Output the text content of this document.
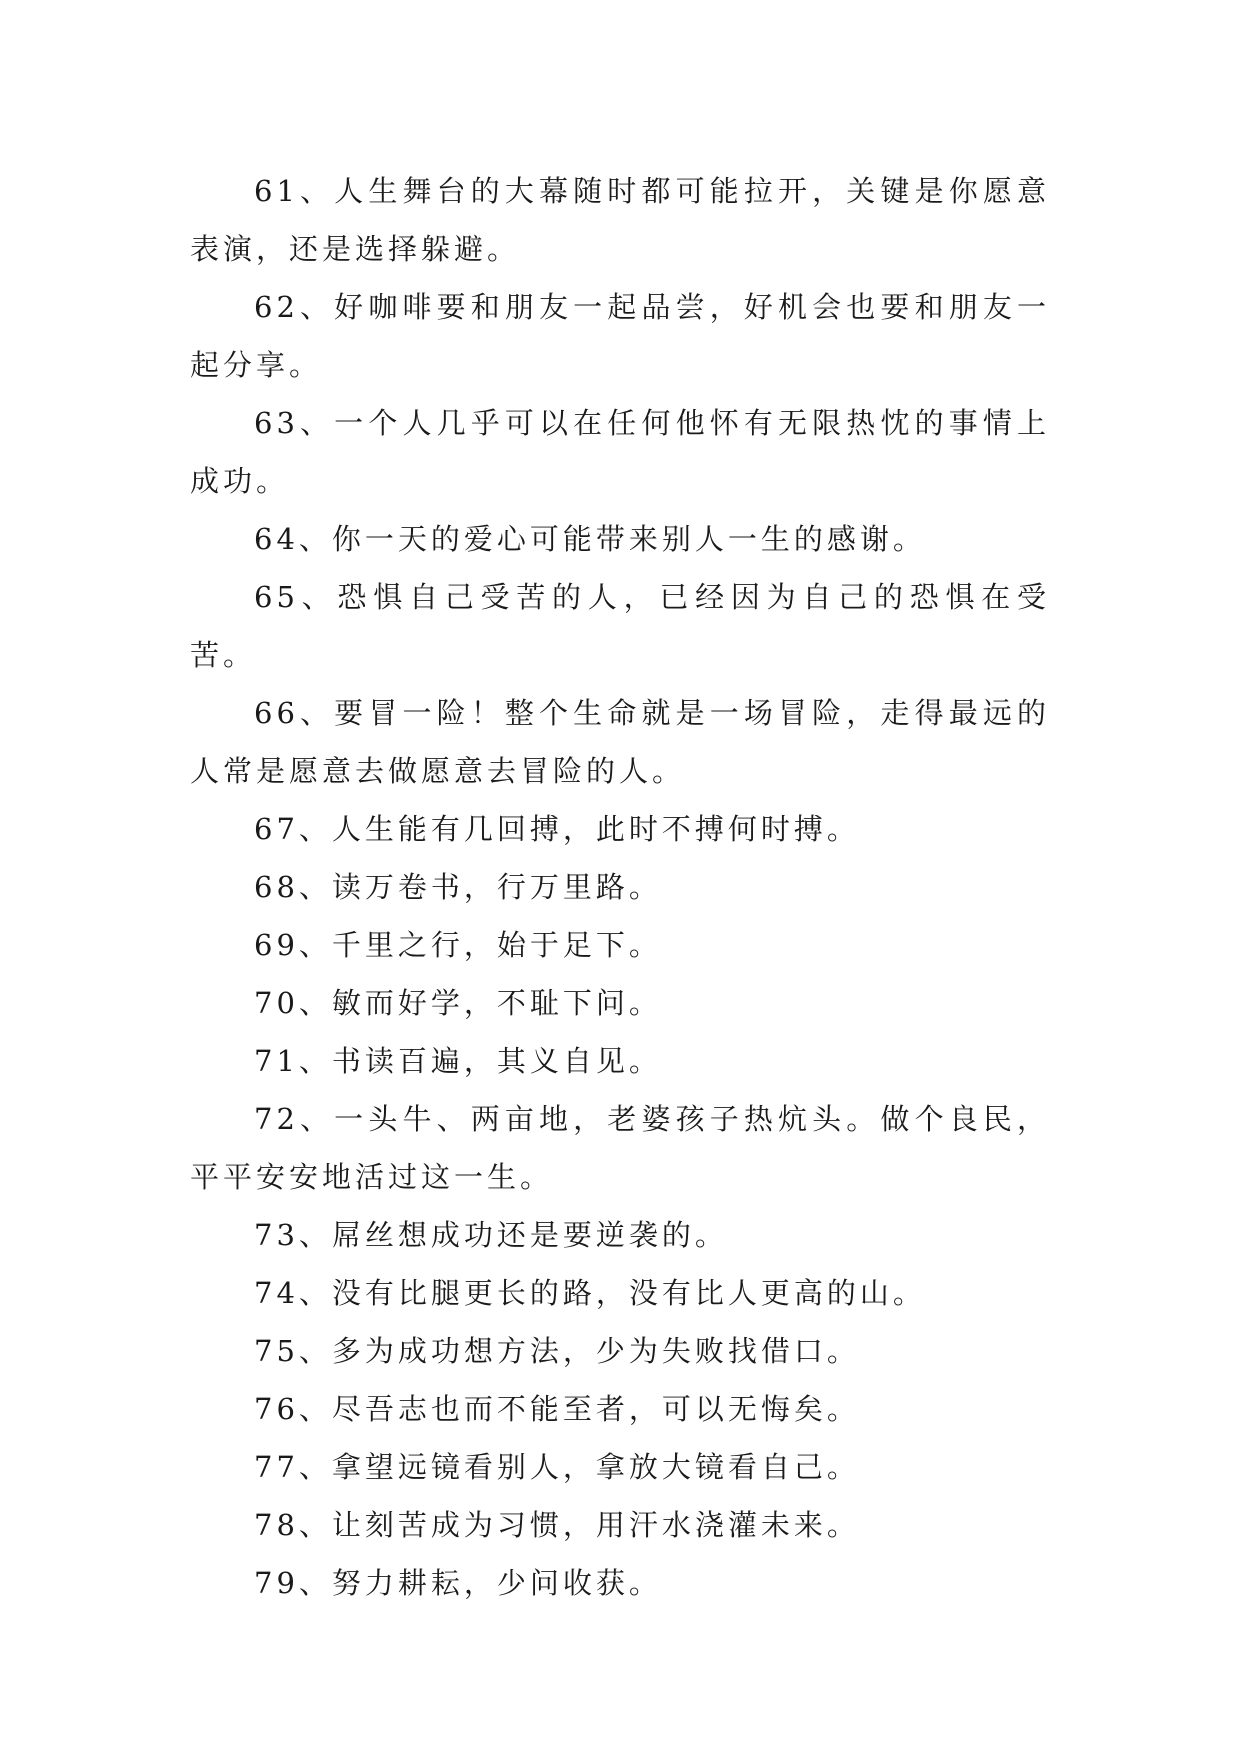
61、人生舞台的大幕随时都可能拉开，关键是你愿意表演，还是选择躲避。

62、好咖啡要和朋友一起品尝，好机会也要和朋友一起分享。

63、一个人几乎可以在任何他怀有无限热忱的事情上成功。

64、你一天的爱心可能带来别人一生的感谢。

65、恐惧自己受苦的人，已经因为自己的恐惧在受苦。

66、要冒一险！整个生命就是一场冒险，走得最远的人常是愿意去做愿意去冒险的人。

67、人生能有几回搏，此时不搏何时搏。

68、读万卷书，行万里路。

69、千里之行，始于足下。

70、敏而好学，不耻下问。

71、书读百遍，其义自见。

72、一头牛、两亩地，老婆孩子热炕头。做个良民，平平安安地活过这一生。

73、屌丝想成功还是要逆袭的。

74、没有比腿更长的路，没有比人更高的山。

75、多为成功想方法，少为失败找借口。

76、尽吾志也而不能至者，可以无悔矣。

77、拿望远镜看别人，拿放大镜看自己。

78、让刻苦成为习惯，用汗水浇灌未来。

79、努力耕耘，少问收获。
